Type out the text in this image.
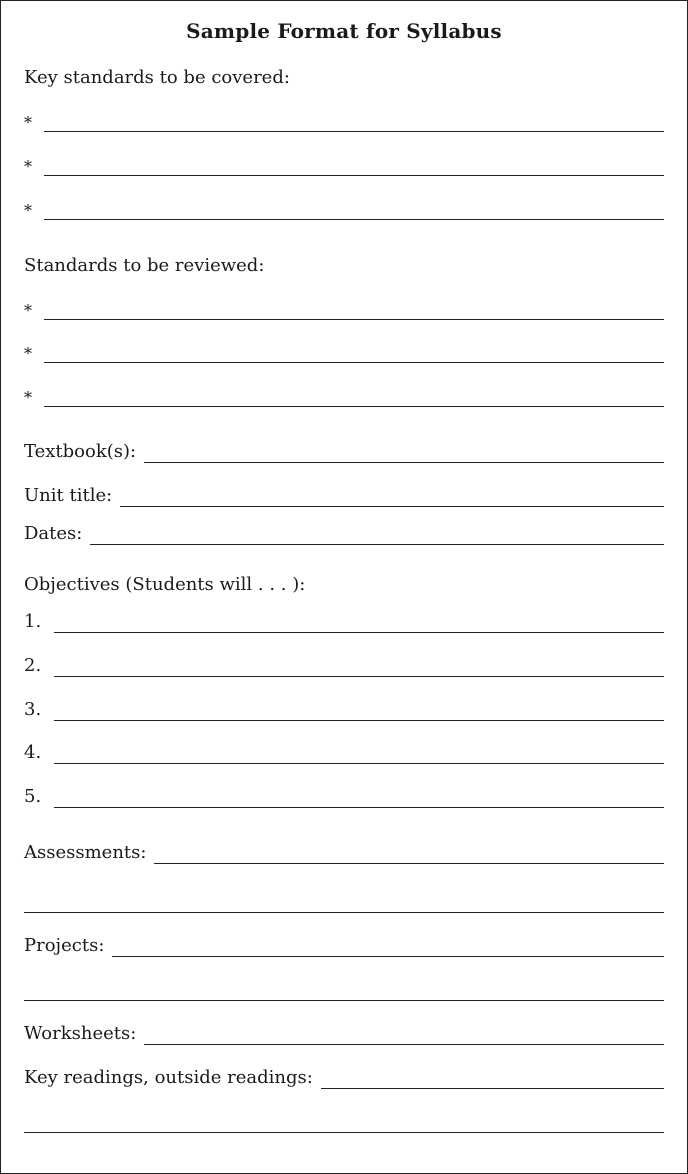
Sample Format for Syllabus
Key standards to be covered:
*
*
*
Standards to be reviewed:
*
*
*
Textbook(s):
Unit title:
Dates:
Objectives (Students will . . . ):
1.
2.
3.
4.
5.
Assessments:
Projects:
Worksheets:
Key readings, outside readings:
